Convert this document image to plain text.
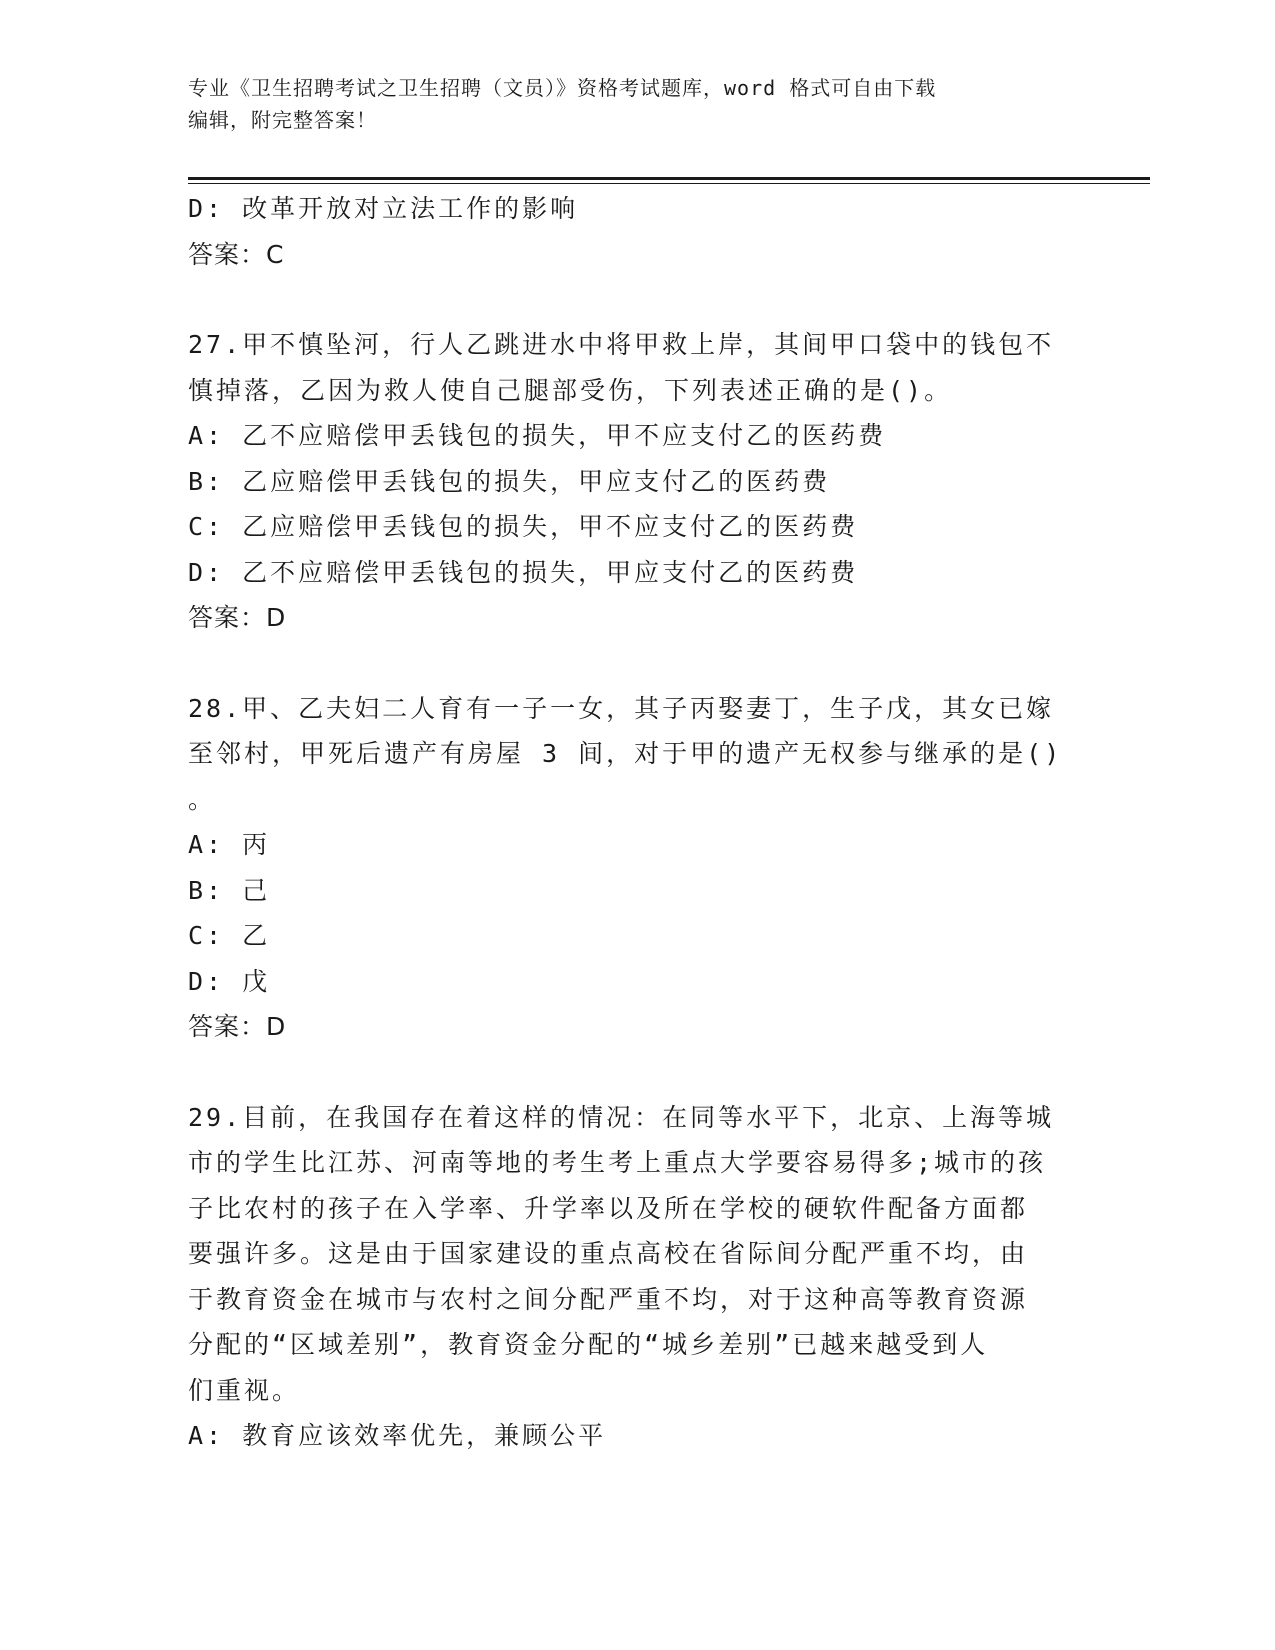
专业《卫生招聘考试之卫生招聘（文员）》资格考试题库，word 格式可自由下载
编辑，附完整答案！
D: 改革开放对立法工作的影响
答案：C
27.甲不慎坠河，行人乙跳进水中将甲救上岸，其间甲口袋中的钱包不
慎掉落，乙因为救人使自己腿部受伤，下列表述正确的是()。
A: 乙不应赔偿甲丢钱包的损失，甲不应支付乙的医药费
B: 乙应赔偿甲丢钱包的损失，甲应支付乙的医药费
C: 乙应赔偿甲丢钱包的损失，甲不应支付乙的医药费
D: 乙不应赔偿甲丢钱包的损失，甲应支付乙的医药费
答案：D
28.甲、乙夫妇二人育有一子一女，其子丙娶妻丁，生子戊，其女已嫁
至邻村，甲死后遗产有房屋 3 间，对于甲的遗产无权参与继承的是()
。
A: 丙
B: 己
C: 乙
D: 戊
答案：D
29.目前，在我国存在着这样的情况：在同等水平下，北京、上海等城
市的学生比江苏、河南等地的考生考上重点大学要容易得多;城市的孩
子比农村的孩子在入学率、升学率以及所在学校的硬软件配备方面都
要强许多。这是由于国家建设的重点高校在省际间分配严重不均，由
于教育资金在城市与农村之间分配严重不均，对于这种高等教育资源
分配的“区域差别”，教育资金分配的“城乡差别”已越来越受到人
们重视。
A: 教育应该效率优先，兼顾公平
